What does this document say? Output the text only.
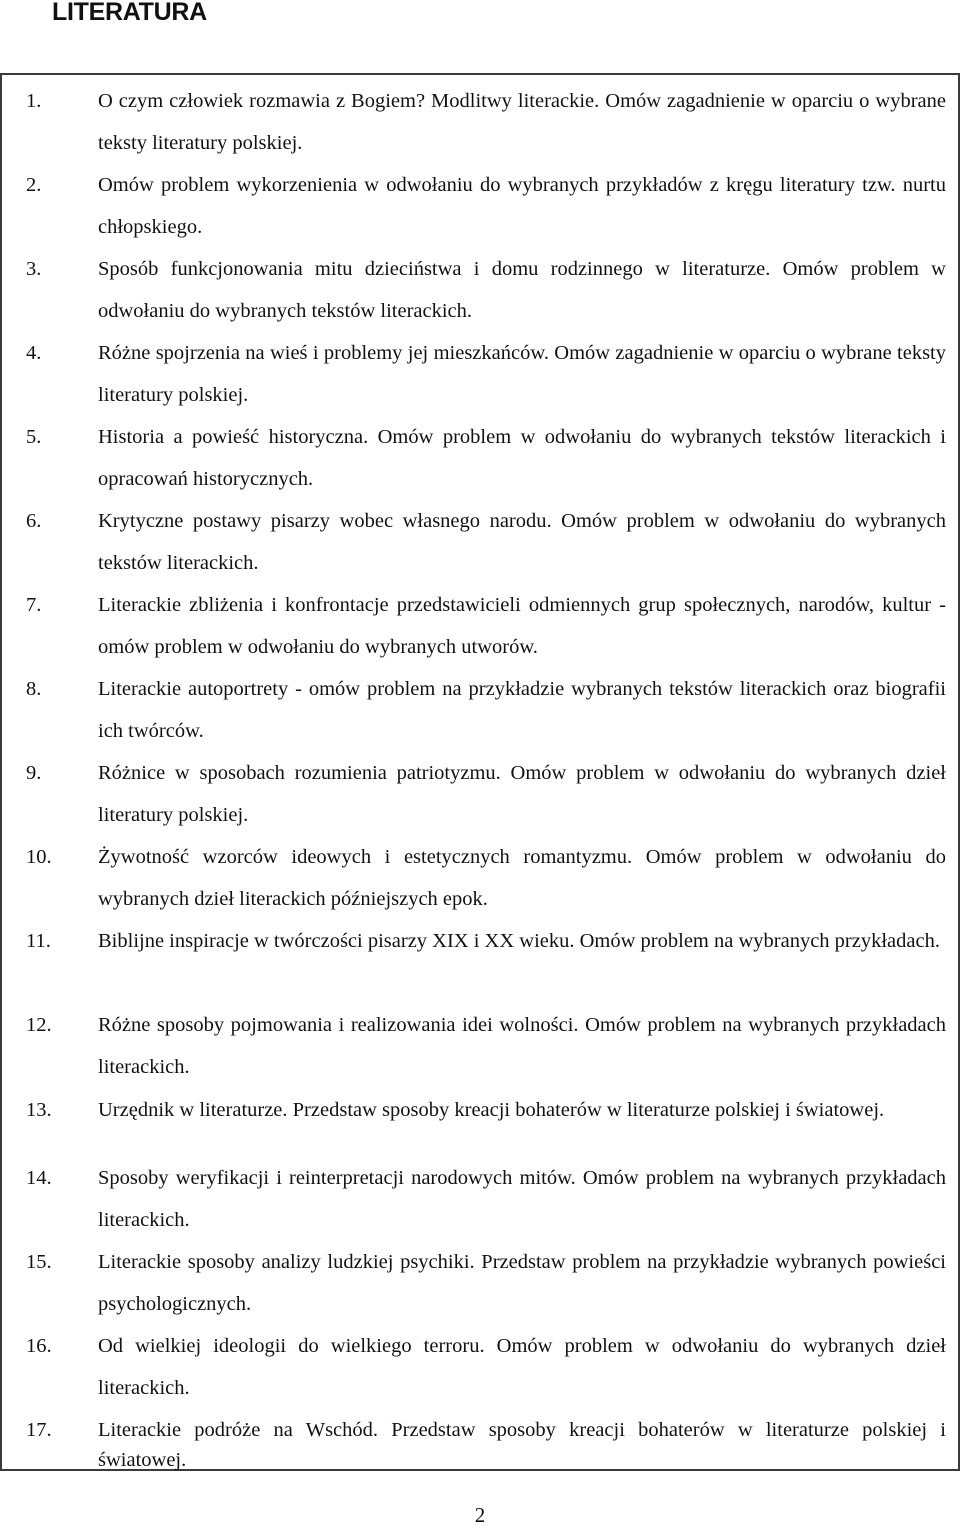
LITERATURA
1.	O czym człowiek rozmawia z Bogiem? Modlitwy literackie. Omów zagadnienie w oparciu o wybrane teksty literatury polskiej.

2.	Omów problem wykorzenienia w odwołaniu do wybranych przykładów z kręgu literatury tzw. nurtu chłopskiego.

3.	Sposób funkcjonowania mitu dzieciństwa i domu rodzinnego w literaturze. Omów problem w odwołaniu do wybranych tekstów literackich.

4.	Różne spojrzenia na wieś i problemy jej mieszkańców. Omów zagadnienie w oparciu o wybrane teksty literatury polskiej.

5.	Historia a powieść historyczna. Omów problem w odwołaniu do wybranych tekstów literackich i opracowań historycznych.

6.	Krytyczne postawy pisarzy wobec własnego narodu. Omów problem w odwołaniu do wybranych tekstów literackich.

7.	Literackie zbliżenia i konfrontacje przedstawicieli odmiennych grup społecznych, narodów, kultur - omów problem w odwołaniu do wybranych utworów.

8.	Literackie autoportrety - omów problem na przykładzie wybranych tekstów literackich oraz biografii ich twórców.

9.	Różnice w sposobach rozumienia patriotyzmu. Omów problem w odwołaniu do wybranych dzieł literatury polskiej.

10. Żywotność wzorców ideowych i estetycznych romantyzmu. Omów problem w odwołaniu do wybranych dzieł literackich późniejszych epok.

11. Biblijne inspiracje w twórczości pisarzy XIX i XX wieku. Omów problem na wybranych przykładach.

12. Różne sposoby pojmowania i realizowania idei wolności. Omów problem na wybranych przykładach literackich.

13. Urzędnik w literaturze. Przedstaw sposoby kreacji bohaterów w literaturze polskiej i światowej.

14. Sposoby weryfikacji i reinterpretacji narodowych mitów. Omów problem na wybranych przykładach literackich.

15. Literackie sposoby analizy ludzkiej psychiki. Przedstaw problem na przykładzie wybranych powieści psychologicznych.

16. Od wielkiej ideologii do wielkiego terroru. Omów problem w odwołaniu do wybranych dzieł literackich.

17. Literackie podróże na Wschód. Przedstaw sposoby kreacji bohaterów w literaturze polskiej i światowej.

2
